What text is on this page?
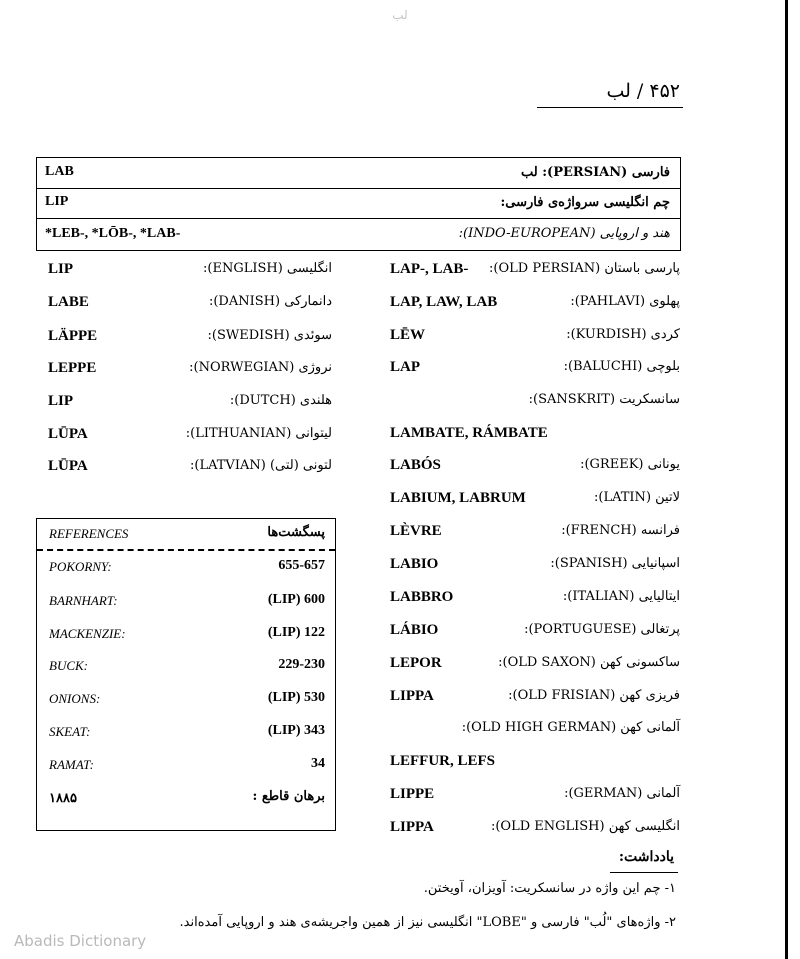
لب
۴۵۲ / لب
LAB	فارسی (PERSIAN): لب
LIP	چم انگلیسی سرواژه‌ی فارسی:
*LEB-, *LŌB-, *LAB-	هند و اروپایی (INDO-EUROPEAN):
LIP	انگلیسی (ENGLISH):
LABE	دانمارکی (DANISH):
LÄPPE	سوئدی (SWEDISH):
LEPPE	نروژی (NORWEGIAN):
LIP	هلندی (DUTCH):
LŪPA	لیتوانی (LITHUANIAN):
LŪPA	لتونی (لتی) (LATVIAN):
LAP-, LAB-	پارسی باستان (OLD PERSIAN):
LAP, LAW, LAB	پهلوی (PAHLAVI):
LĒW	کردی (KURDISH):
LAP	بلوچی (BALUCHI):
سانسکریت (SANSKRIT):
LAMBATE, RÁMBATE
LABÓS	یونانی (GREEK):
LABIUM, LABRUM	لاتین (LATIN):
LÈVRE	فرانسه (FRENCH):
LABIO	اسپانیایی (SPANISH):
LABBRO	ایتالیایی (ITALIAN):
LÁBIO	پرتغالی (PORTUGUESE):
LEPOR	ساکسونی کهن (OLD SAXON):
LIPPA	فریزی کهن (OLD FRISIAN):
آلمانی کهن (OLD HIGH GERMAN):
LEFFUR, LEFS
LIPPE	آلمانی (GERMAN):
LIPPA	انگلیسی کهن (OLD ENGLISH):
REFERENCES	پسگشت‌ها
POKORNY:	655-657
BARNHART:	(LIP) 600
MACKENZIE:	(LIP) 122
BUCK:	229-230
ONIONS:	(LIP) 530
SKEAT:	(LIP) 343
RAMAT:	34
١٨٨۵	برهان قاطع :
یادداشت:
۱- چم این واژه در سانسکریت: آویزان، آویختن.
۲- واژه‌های "لُب" فارسی و "LOBE" انگلیسی نیز از همین واجریشه‌ی هند و اروپایی آمده‌اند.
Abadis Dictionary
